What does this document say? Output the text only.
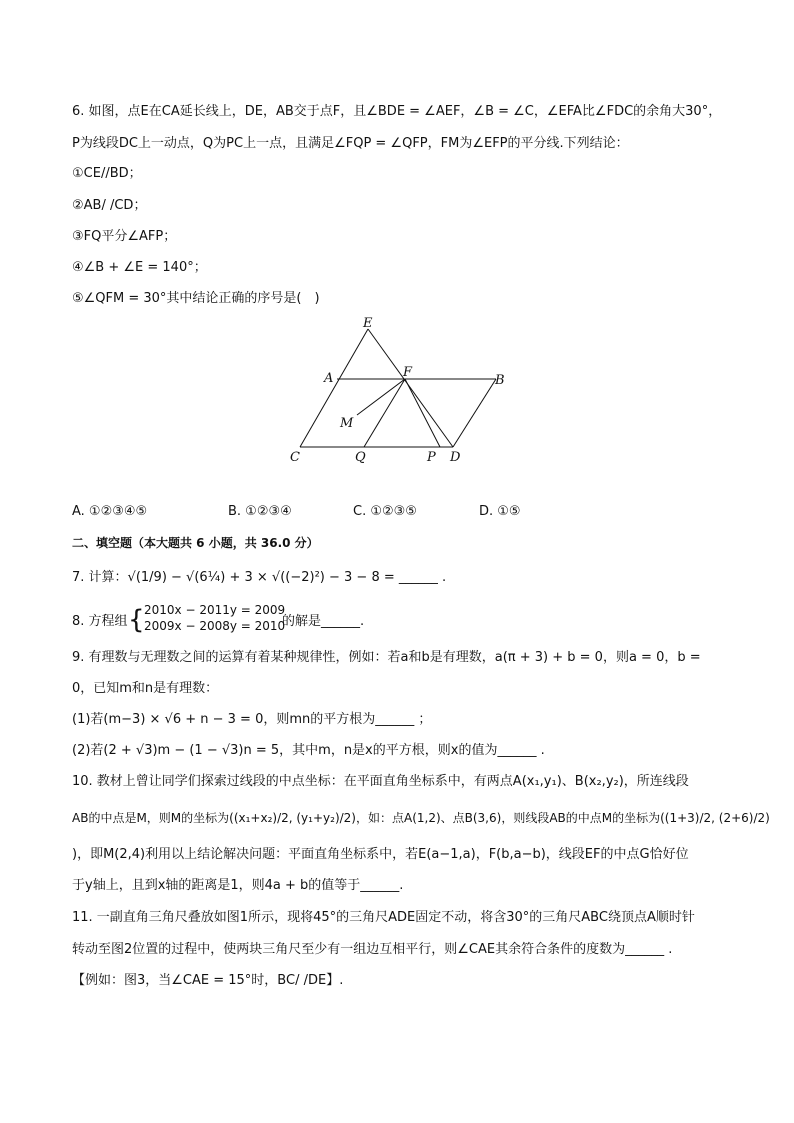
6. 如图，点E在CA延长线上，DE，AB交于点F，且∠BDE = ∠AEF，∠B = ∠C，∠EFA比∠FDC的余角大30°，
P为线段DC上一动点，Q为PC上一点，且满足∠FQP = ∠QFP，FM为∠EFP的平分线.下列结论：
①CE//BD；
②AB/ /CD；
③FQ平分∠AFP；
④∠B + ∠E = 140°；
⑤∠QFM = 30°其中结论正确的序号是(　)
E
A	F
B
M
C	Q	P D
A. ①②③④⑤	B. ①②③④	C. ①②③⑤	D. ①⑤
二、填空题（本大题共 6 小题，共 36.0 分）
7. 计算：√(1/9) − √(6¼) + 3 × √((−2)²) − 3 − 8 = ______ .
8. 方程组 { 2010x − 2011y = 2009
2009x − 2008y = 2010
的解是______.
9. 有理数与无理数之间的运算有着某种规律性，例如：若a和b是有理数，a(π + 3) + b = 0，则a = 0，b =
0，已知m和n是有理数：
(1)若(m−3) × √6 + n − 3 = 0，则mn的平方根为______ ；
(2)若(2 + √3)m − (1 − √3)n = 5，其中m，n是x的平方根，则x的值为______ .
10. 教材上曾让同学们探索过线段的中点坐标：在平面直角坐标系中，有两点A(x₁,y₁)、B(x₂,y₂)，所连线段
AB的中点是M，则M的坐标为((x₁+x₂)/2, (y₁+y₂)/2)，如：点A(1,2)、点B(3,6)，则线段AB的中点M的坐标为((1+3)/2, (2+6)/2)
)，即M(2,4)利用以上结论解决问题：平面直角坐标系中，若E(a−1,a)，F(b,a−b)，线段EF的中点G恰好位
于y轴上，且到x轴的距离是1，则4a + b的值等于______.
11. 一副直角三角尺叠放如图1所示，现将45°的三角尺ADE固定不动，将含30°的三角尺ABC绕顶点A顺时针
转动至图2位置的过程中，使两块三角尺至少有一组边互相平行，则∠CAE其余符合条件的度数为______ .
【例如：图3，当∠CAE = 15°时，BC/ /DE】.
